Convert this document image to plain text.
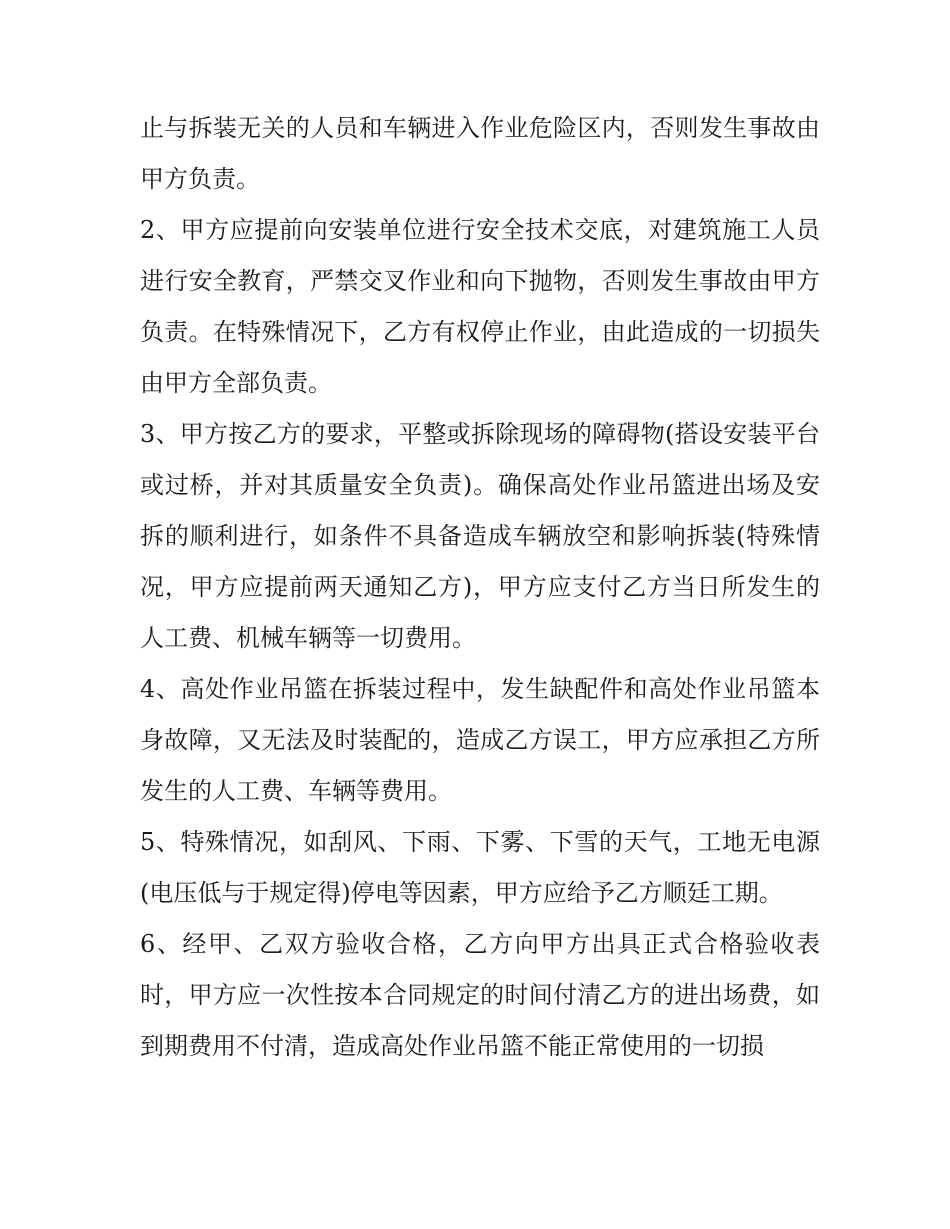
止与拆装无关的人员和车辆进入作业危险区内，否则发生事故由甲方负责。

2、甲方应提前向安装单位进行安全技术交底，对建筑施工人员进行安全教育，严禁交叉作业和向下抛物，否则发生事故由甲方负责。在特殊情况下，乙方有权停止作业，由此造成的一切损失由甲方全部负责。

3、甲方按乙方的要求，平整或拆除现场的障碍物(搭设安装平台或过桥，并对其质量安全负责)。确保高处作业吊篮进出场及安拆的顺利进行，如条件不具备造成车辆放空和影响拆装(特殊情况，甲方应提前两天通知乙方)，甲方应支付乙方当日所发生的人工费、机械车辆等一切费用。

4、高处作业吊篮在拆装过程中，发生缺配件和高处作业吊篮本身故障，又无法及时装配的，造成乙方误工，甲方应承担乙方所发生的人工费、车辆等费用。

5、特殊情况，如刮风、下雨、下雾、下雪的天气，工地无电源(电压低与于规定得)停电等因素，甲方应给予乙方顺廷工期。

6、经甲、乙双方验收合格，乙方向甲方出具正式合格验收表时，甲方应一次性按本合同规定的时间付清乙方的进出场费，如到期费用不付清，造成高处作业吊篮不能正常使用的一切损
